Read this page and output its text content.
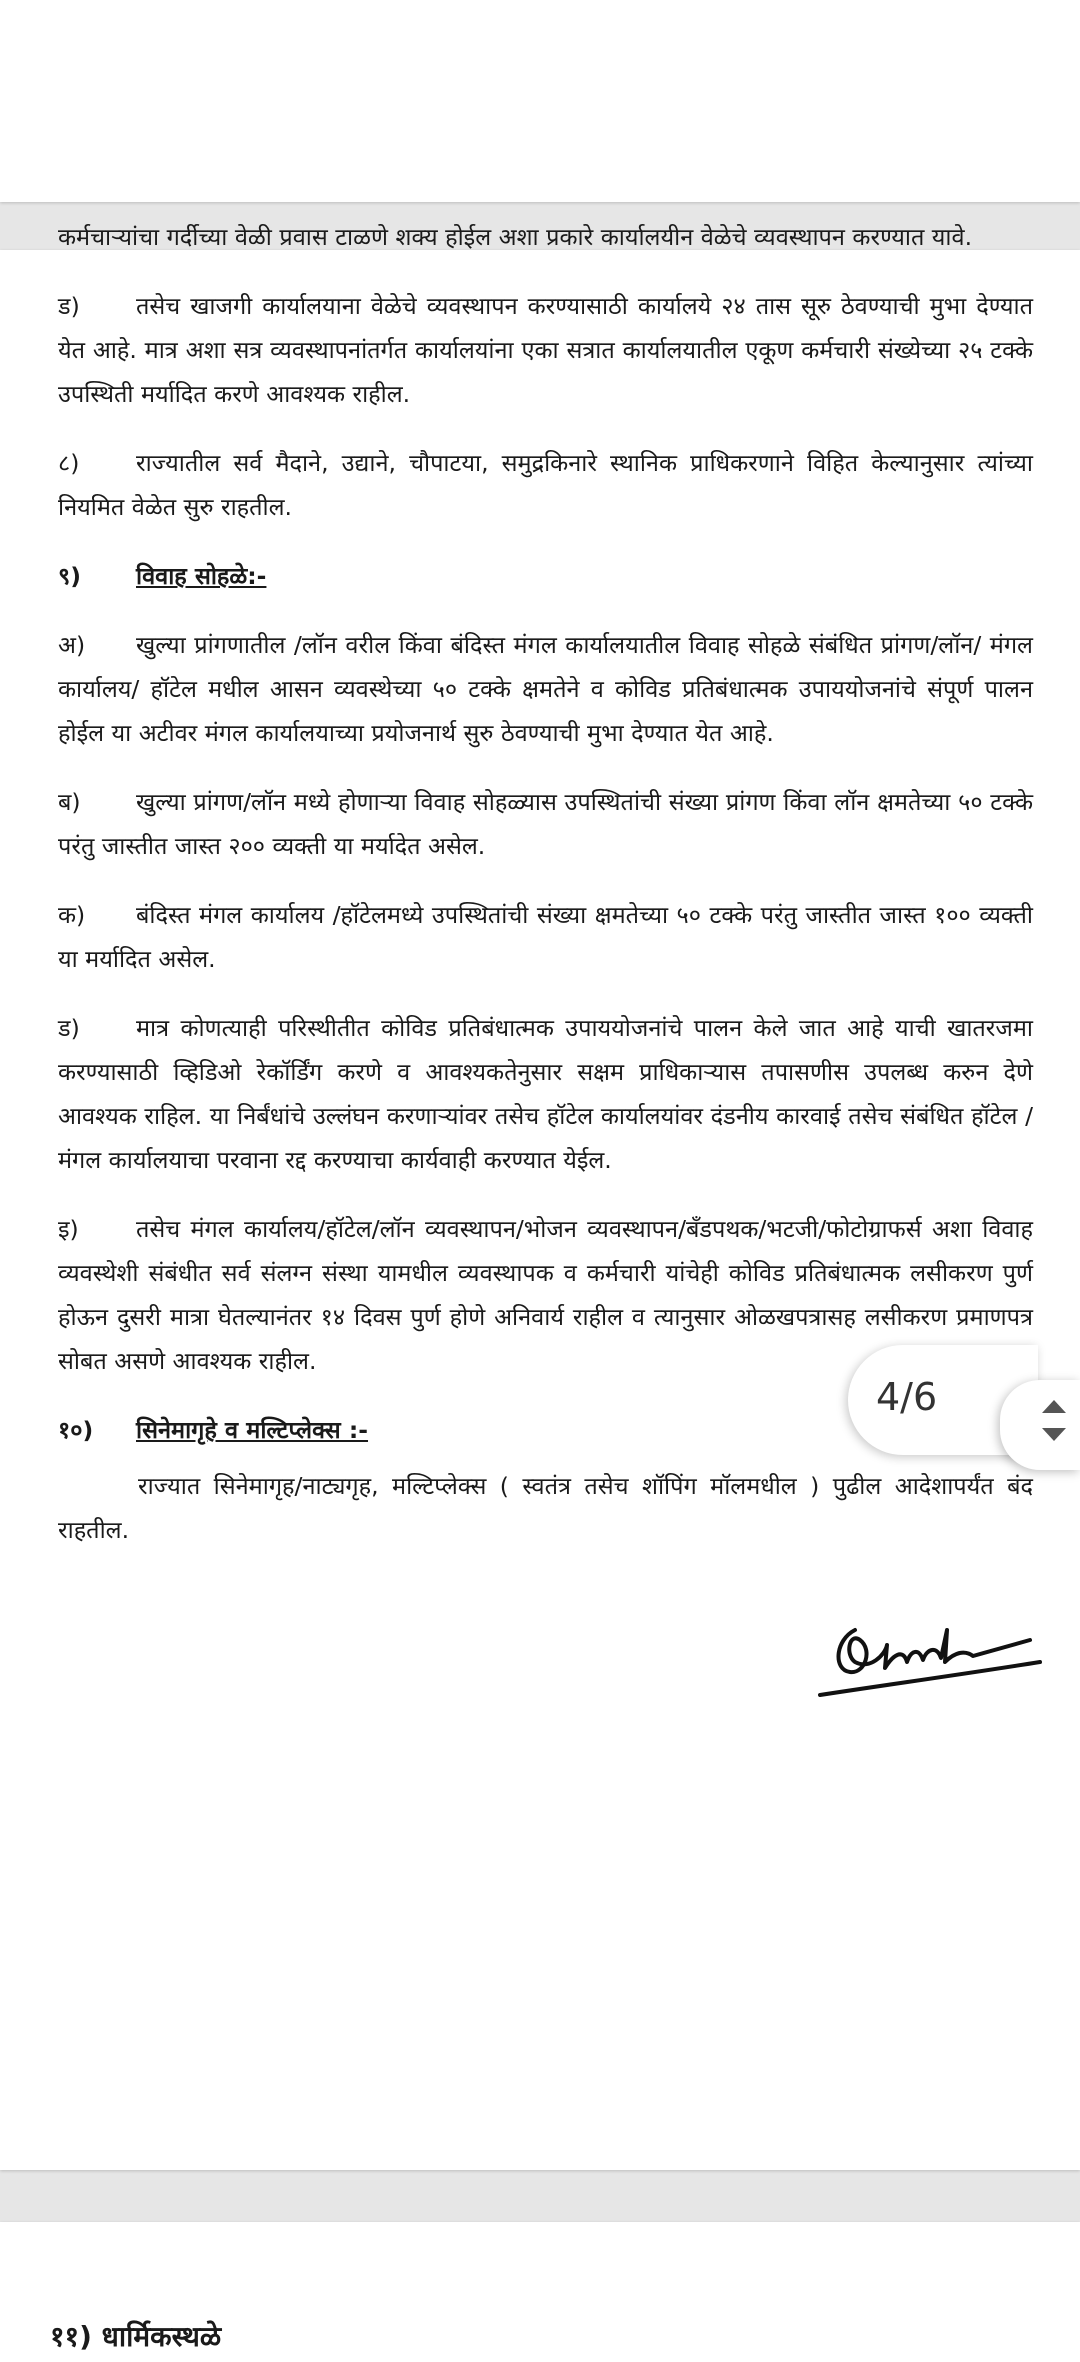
कर्मचाऱ्यांचा गर्दीच्या वेळी प्रवास टाळणे शक्य होईल अशा प्रकारे कार्यालयीन वेळेचे व्यवस्थापन करण्यात यावे.

ड) तसेच खाजगी कार्यालयाना वेळेचे व्यवस्थापन करण्यासाठी कार्यालये २४ तास सूरु ठेवण्याची मुभा देण्यात येत आहे. मात्र अशा सत्र व्यवस्थापनांतर्गत कार्यालयांना एका सत्रात कार्यालयातील एकूण कर्मचारी संख्येच्या २५ टक्के उपस्थिती मर्यादित करणे आवश्यक राहील.

८) राज्यातील सर्व मैदाने, उद्याने, चौपाटया, समुद्रकिनारे स्थानिक प्राधिकरणाने विहित केल्यानुसार त्यांच्या नियमित वेळेत सुरु राहतील.

९) विवाह सोहळे:-

अ) खुल्या प्रांगणातील /लॉन वरील किंवा बंदिस्त मंगल कार्यालयातील विवाह सोहळे संबंधित प्रांगण/लॉन/ मंगल कार्यालय/ हॉटेल मधील आसन व्यवस्थेच्या ५० टक्के क्षमतेने व कोविड प्रतिबंधात्मक उपाययोजनांचे संपूर्ण पालन होईल या अटीवर मंगल कार्यालयाच्या प्रयोजनार्थ सुरु ठेवण्याची मुभा देण्यात येत आहे.

ब) खुल्या प्रांगण/लॉन मध्ये होणाऱ्या विवाह सोहळ्यास उपस्थितांची संख्या प्रांगण किंवा लॉन क्षमतेच्या ५० टक्के परंतु जास्तीत जास्त २०० व्यक्ती या मर्यादेत असेल.

क) बंदिस्त मंगल कार्यालय /हॉटेलमध्ये उपस्थितांची संख्या क्षमतेच्या ५० टक्के परंतु जास्तीत जास्त १०० व्यक्ती या मर्यादित असेल.

ड) मात्र कोणत्याही परिस्थीतीत कोविड प्रतिबंधात्मक उपाययोजनांचे पालन केले जात आहे याची खातरजमा करण्यासाठी व्हिडिओ रेकॉर्डिंग करणे व आवश्यकतेनुसार सक्षम प्राधिकाऱ्यास तपासणीस उपलब्ध करुन देणे आवश्यक राहिल. या निर्बंधांचे उल्लंघन करणाऱ्यांवर तसेच हॉटेल कार्यालयांवर दंडनीय कारवाई तसेच संबंधित हॉटेल / मंगल कार्यालयाचा परवाना रद्द करण्याचा कार्यवाही करण्यात येईल.

इ) तसेच मंगल कार्यालय/हॉटेल/लॉन व्यवस्थापन/भोजन व्यवस्थापन/बँडपथक/भटजी/फोटोग्राफर्स अशा विवाह व्यवस्थेशी संबंधीत सर्व संलग्न संस्था यामधील व्यवस्थापक व कर्मचारी यांचेही कोविड प्रतिबंधात्मक लसीकरण पुर्ण होऊन दुसरी मात्रा घेतल्यानंतर १४ दिवस पुर्ण होणे अनिवार्य राहील व त्यानुसार ओळखपत्रासह लसीकरण प्रमाणपत्र सोबत असणे आवश्यक राहील.

१०) सिनेमागृहे व मल्टिप्लेक्स :-

राज्यात सिनेमागृह/नाट्यगृह, मल्टिप्लेक्स ( स्वतंत्र तसेच शॉपिंग मॉलमधील ) पुढील आदेशापर्यंत बंद राहतील.

११) धार्मिकस्थळे
4/6
